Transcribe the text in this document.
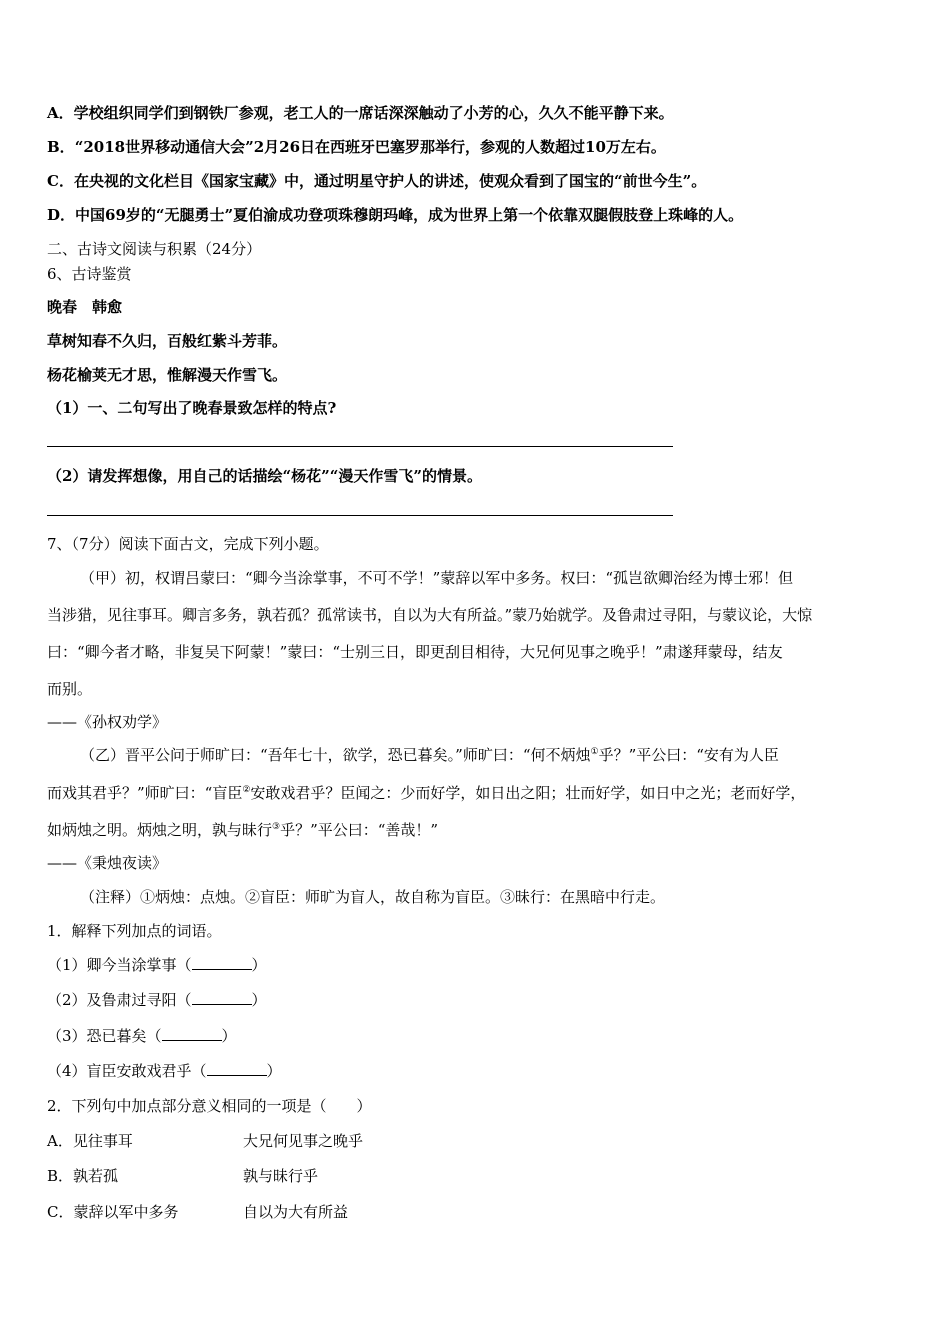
A．学校组织同学们到钢铁厂参观，老工人的一席话深深触动了小芳的心，久久不能平静下来。
B．“2018世界移动通信大会”2月26日在西班牙巴塞罗那举行，参观的人数超过10万左右。
C．在央视的文化栏目《国家宝藏》中，通过明星守护人的讲述，使观众看到了国宝的“前世今生”。
D．中国69岁的“无腿勇士”夏伯渝成功登项珠穆朗玛峰，成为世界上第一个依靠双腿假肢登上珠峰的人。
二、古诗文阅读与积累（24分）
6、古诗鉴赏
晚春　韩愈
草树知春不久归，百般红紫斗芳菲。
杨花榆荚无才思，惟解漫天作雪飞。
（1）一、二句写出了晚春景致怎样的特点?
（2）请发挥想像，用自己的话描绘“杨花”“漫天作雪飞”的情景。
7、（7分）阅读下面古文，完成下列小题。
（甲）初，权谓吕蒙曰：“卿今当涂掌事，不可不学！”蒙辞以军中多务。权曰：“孤岂欲卿治经为博士邪！但
当涉猎，见往事耳。卿言多务，孰若孤？孤常读书，自以为大有所益。”蒙乃始就学。及鲁肃过寻阳，与蒙议论，大惊
曰：“卿今者才略，非复吴下阿蒙！”蒙曰：“士别三日，即更刮目相待，大兄何见事之晚乎！”肃遂拜蒙母，结友
而别。
——《孙权劝学》
（乙）晋平公问于师旷曰：“吾年七十，欲学，恐已暮矣。”师旷曰：“何不炳烛①乎？”平公曰：“安有为人臣
而戏其君乎？”师旷曰：“盲臣②安敢戏君乎？臣闻之：少而好学，如日出之阳；壮而好学，如日中之光；老而好学，
如炳烛之明。炳烛之明，孰与昧行③乎？”平公曰：“善哉！”
——《秉烛夜读》
（注释）①炳烛：点烛。②盲臣：师旷为盲人，故自称为盲臣。③昧行：在黑暗中行走。
1．解释下列加点的词语。
（1）卿今当涂掌事（	）
（2）及鲁肃过寻阳（	）
（3）恐已暮矣（	）
（4）盲臣安敢戏君乎（	）
2．下列句中加点部分意义相同的一项是（　　）
A．见往事耳	大兄何见事之晚乎
B．孰若孤	孰与昧行乎
C．蒙辞以军中多务	自以为大有所益
